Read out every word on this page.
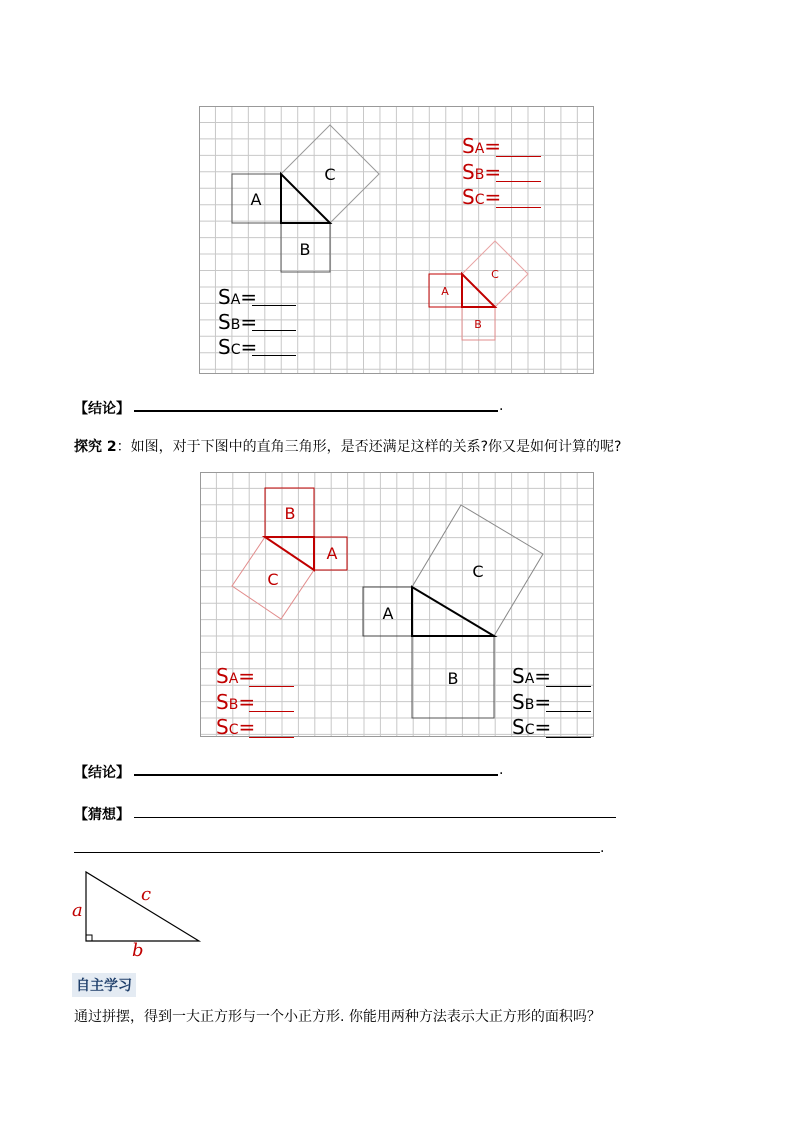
A
B
C
A
B
C
SA=
SB=
SC=
SA=
SB=
SC=
【结论】	.
探究 2：如图，对于下图中的直角三角形，是否还满足这样的关系?你又是如何计算的呢?
B
A
C
A
B
C
SA=
SB=
SC=
SA=
SB=
SC=
【结论】	.
【猜想】
.
a
c
b
自主学习
通过拼摆，得到一大正方形与一个小正方形. 你能用两种方法表示大正方形的面积吗？
